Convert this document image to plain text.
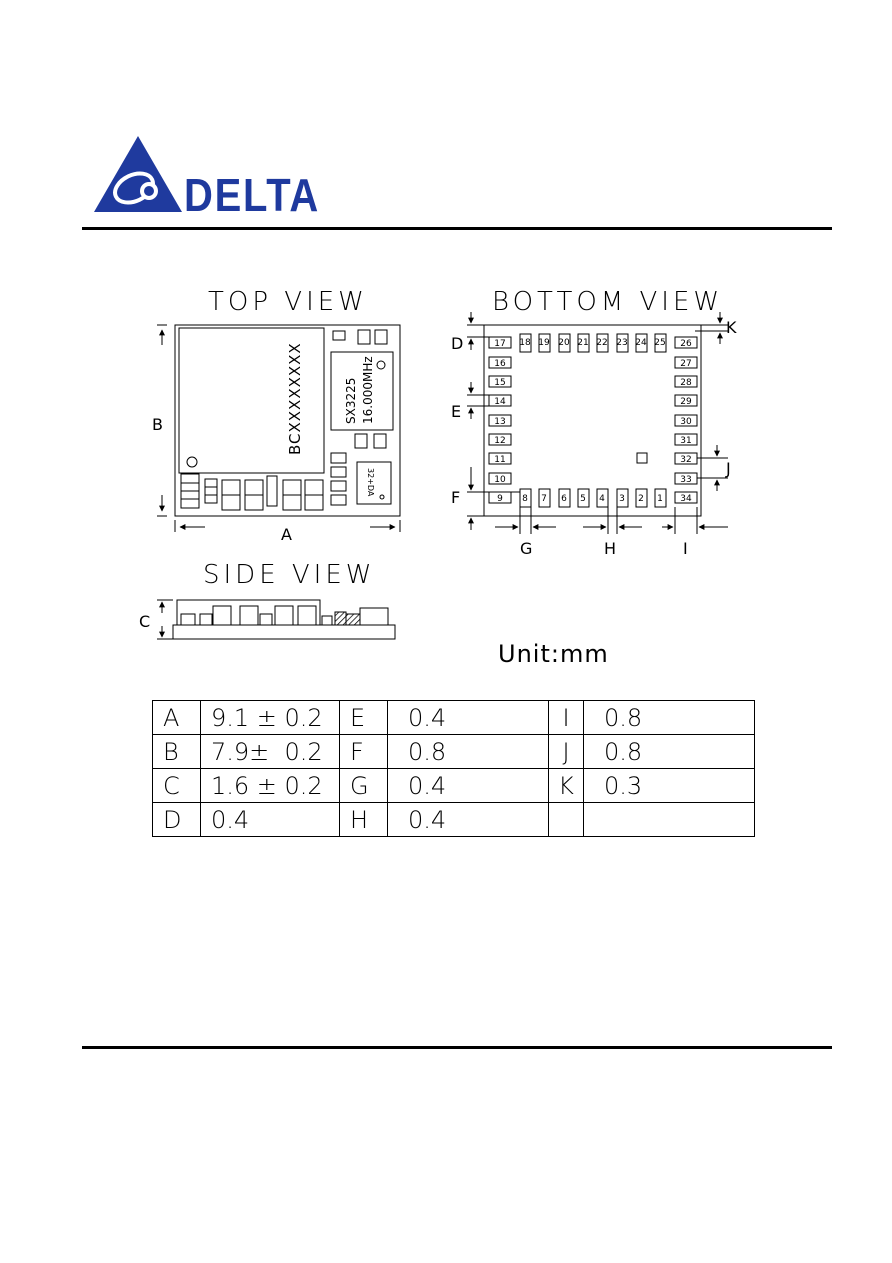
DELTA
TOP VIEW	BOTTOM VIEW
SIDE VIEW
BCXXXXXXXX	SX3225 16.000MHz
32+DA
B
A
17
16
15
14
13
12
11
10
9
26
27
28
29
30
31
32
33
34
18 19 20 21 22 23 24 25
8 7 6 5 4 3 2 1
D
E
F
K
J
G	H	I
C
Unit:mm
A	9.1 ± 0.2	E	0.4	I	0.8
B	7.9±  0.2	F	0.8	J	0.8
C	1.6 ± 0.2	G	0.4	K	0.3
D	0.4	H	0.4		
